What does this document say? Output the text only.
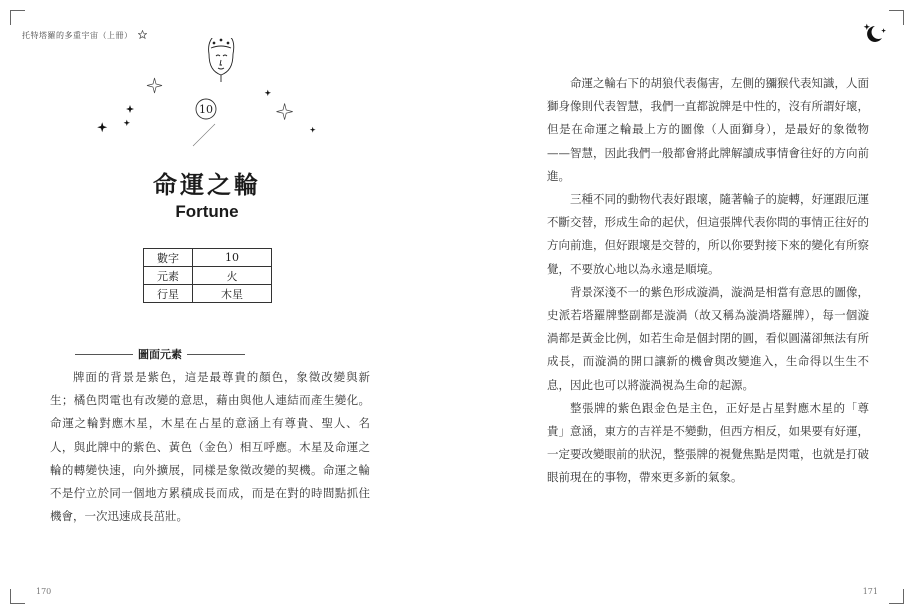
托特塔羅的多重宇宙（上冊）
10
命運之輪
Fortune
數字	10
元素	火
行星	木星
圖面元素

牌面的背景是紫色，這是最尊貴的顏色，象徵改變與新生；橘色閃電也有改變的意思，藉由與他人連結而產生變化。命運之輪對應木星，木星在占星的意涵上有尊貴、聖人、名人，與此牌中的紫色、黃色（金色）相互呼應。木星及命運之輪的轉變快速，向外擴展，同樣是象徵改變的契機。命運之輪不是佇立於同一個地方累積成長而成，而是在對的時間點抓住機會，一次迅速成長茁壯。

170

命運之輪右下的胡狼代表傷害，左側的獼猴代表知識，人面獅身像則代表智慧，我們一直都說牌是中性的，沒有所謂好壞，但是在命運之輪最上方的圖像（人面獅身），是最好的象徵物——智慧，因此我們一般都會將此牌解讀成事情會往好的方向前進。

三種不同的動物代表好跟壞，隨著輪子的旋轉，好運跟厄運不斷交替，形成生命的起伏，但這張牌代表你問的事情正往好的方向前進，但好跟壞是交替的，所以你要對接下來的變化有所察覺，不要放心地以為永遠是順境。

背景深淺不一的紫色形成漩渦，漩渦是相當有意思的圖像，史派若塔羅牌整副都是漩渦（故又稱為漩渦塔羅牌），每一個漩渦都是黃金比例，如若生命是個封閉的圓，看似圓滿卻無法有所成長，而漩渦的開口讓新的機會與改變進入，生命得以生生不息，因此也可以將漩渦視為生命的起源。

整張牌的紫色跟金色是主色，正好是占星對應木星的「尊貴」意涵，東方的吉祥是不變動，但西方相反，如果要有好運，一定要改變眼前的狀況，整張牌的視覺焦點是閃電，也就是打破眼前現在的事物，帶來更多新的氣象。

171
